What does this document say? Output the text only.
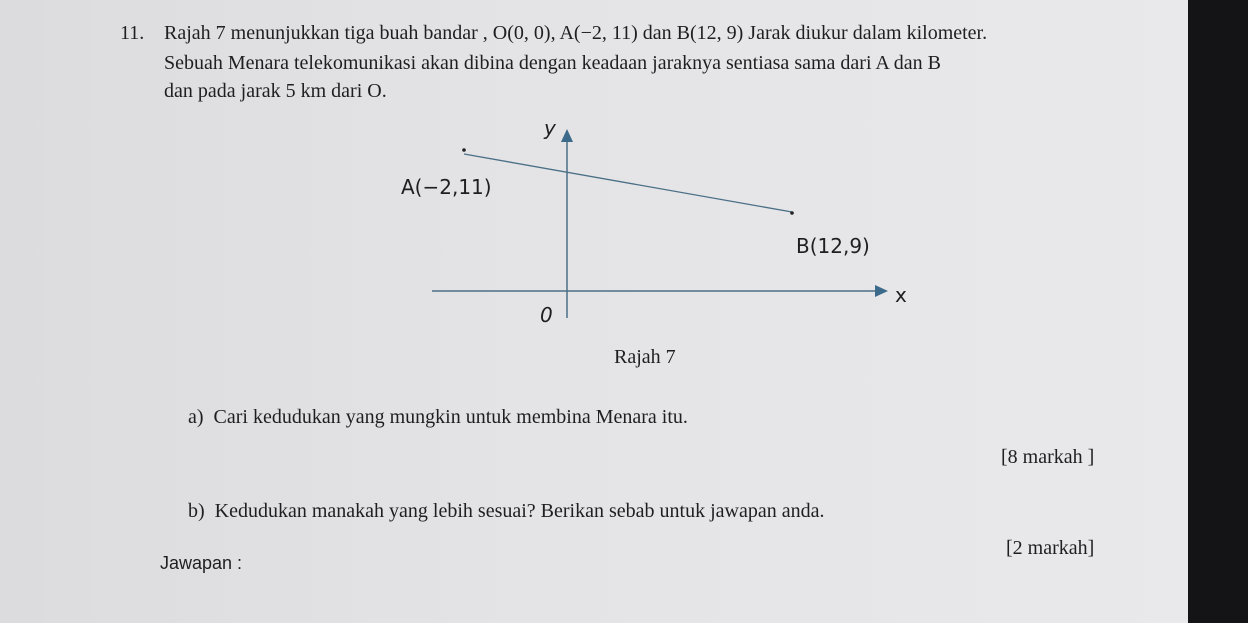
11. Rajah 7 menunjukkan tiga buah bandar , O(0, 0), A(−2, 11) dan B(12, 9) Jarak diukur dalam kilometer.
Sebuah Menara telekomunikasi akan dibina dengan keadaan jaraknya sentiasa sama dari A dan B
dan pada jarak 5 km dari O.
y
A(−2,11)
B(12,9)
x
0
Rajah 7
a) Cari kedudukan yang mungkin untuk membina Menara itu.
[8 markah ]
b) Kedudukan manakah yang lebih sesuai? Berikan sebab untuk jawapan anda.
[2 markah]
Jawapan :
